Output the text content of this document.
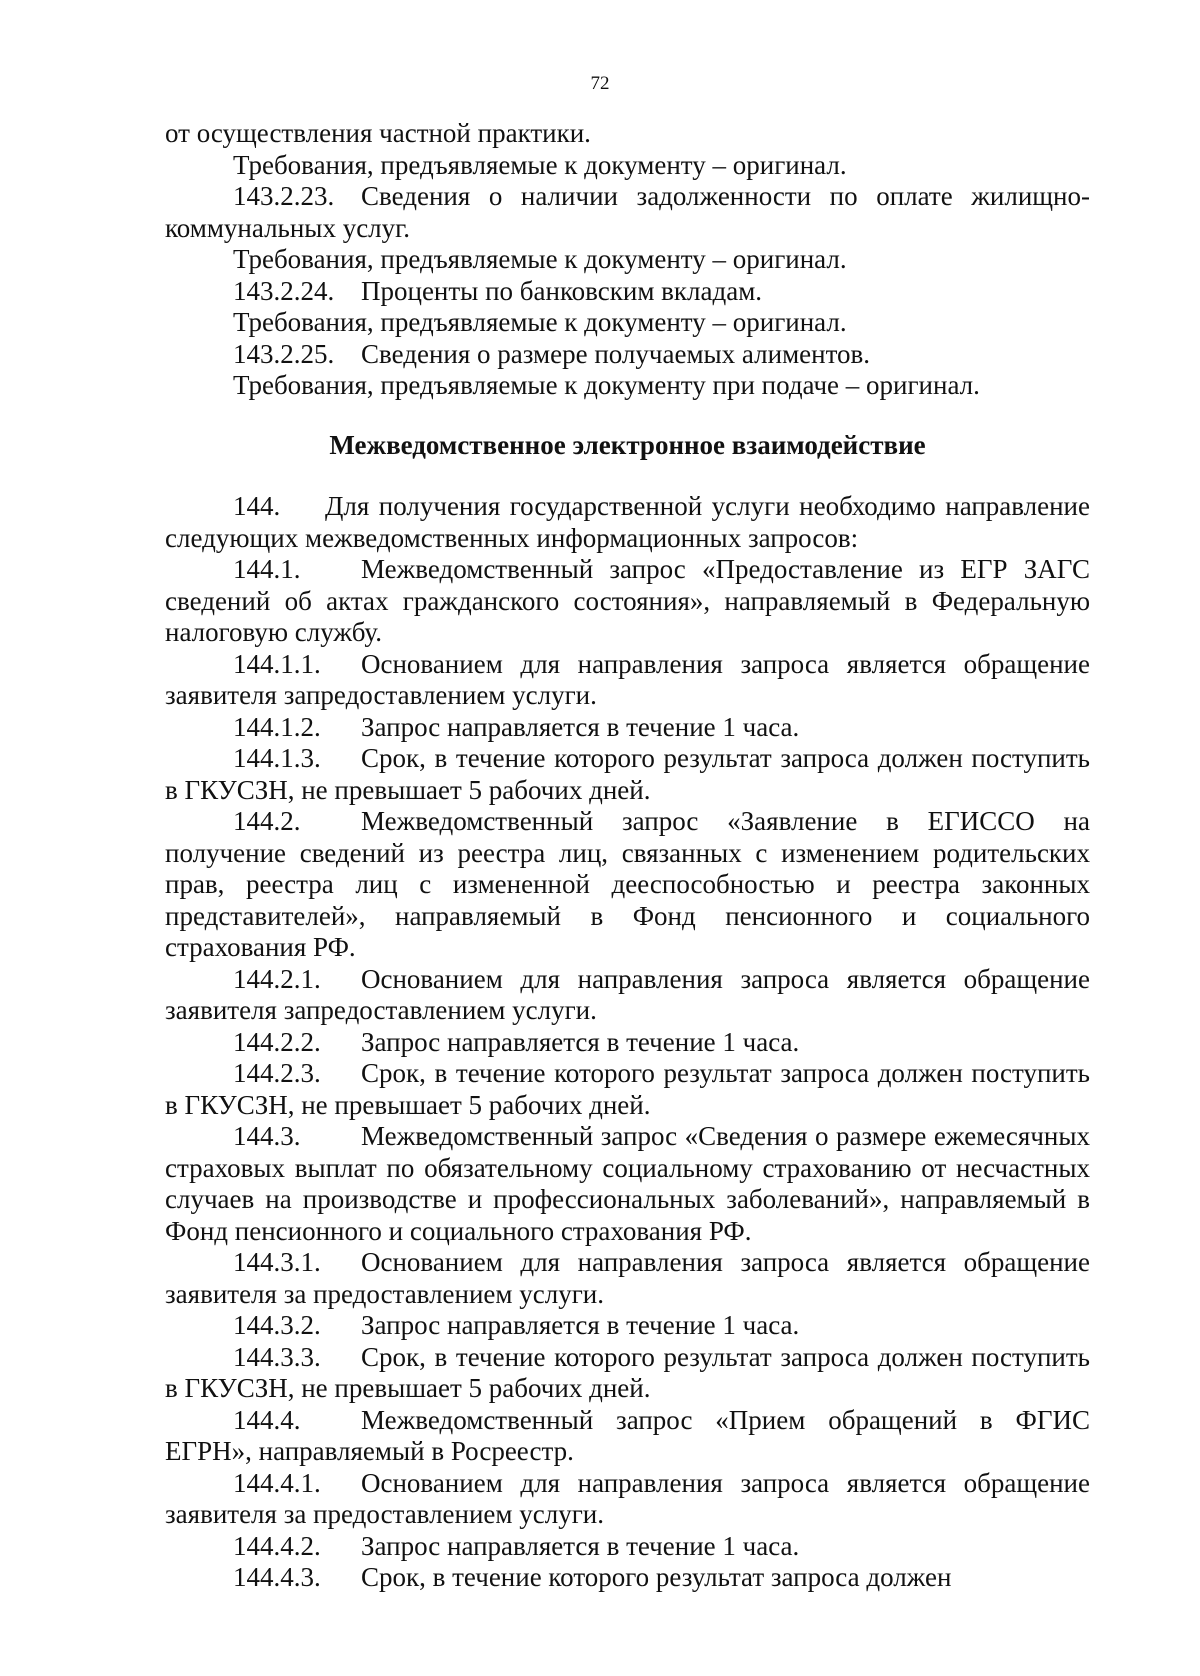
72
от осуществления частной практики.
Требования, предъявляемые к документу – оригинал.
143.2.23. Сведения о наличии задолженности по оплате жилищно-коммунальных услуг.
Требования, предъявляемые к документу – оригинал.
143.2.24. Проценты по банковским вкладам.
Требования, предъявляемые к документу – оригинал.
143.2.25. Сведения о размере получаемых алиментов.
Требования, предъявляемые к документу при подаче – оригинал.
Межведомственное электронное взаимодействие
144. Для получения государственной услуги необходимо направление следующих межведомственных информационных запросов:
144.1. Межведомственный запрос «Предоставление из ЕГР ЗАГС сведений об актах гражданского состояния», направляемый в Федеральную налоговую службу.
144.1.1. Основанием для направления запроса является обращение заявителя запредоставлением услуги.
144.1.2. Запрос направляется в течение 1 часа.
144.1.3. Срок, в течение которого результат запроса должен поступить в ГКУСЗН, не превышает 5 рабочих дней.
144.2. Межведомственный запрос «Заявление в ЕГИССО на получение сведений из реестра лиц, связанных с изменением родительских прав, реестра лиц с измененной дееспособностью и реестра законных представителей», направляемый в Фонд пенсионного и социального страхования РФ.
144.2.1. Основанием для направления запроса является обращение заявителя запредоставлением услуги.
144.2.2. Запрос направляется в течение 1 часа.
144.2.3. Срок, в течение которого результат запроса должен поступить в ГКУСЗН, не превышает 5 рабочих дней.
144.3. Межведомственный запрос «Сведения о размере ежемесячных страховых выплат по обязательному социальному страхованию от несчастных случаев на производстве и профессиональных заболеваний», направляемый в Фонд пенсионного и социального страхования РФ.
144.3.1. Основанием для направления запроса является обращение заявителя за предоставлением услуги.
144.3.2. Запрос направляется в течение 1 часа.
144.3.3. Срок, в течение которого результат запроса должен поступить в ГКУСЗН, не превышает 5 рабочих дней.
144.4. Межведомственный запрос «Прием обращений в ФГИС ЕГРН», направляемый в Росреестр.
144.4.1. Основанием для направления запроса является обращение заявителя за предоставлением услуги.
144.4.2. Запрос направляется в течение 1 часа.
144.4.3. Срок, в течение которого результат запроса должен
